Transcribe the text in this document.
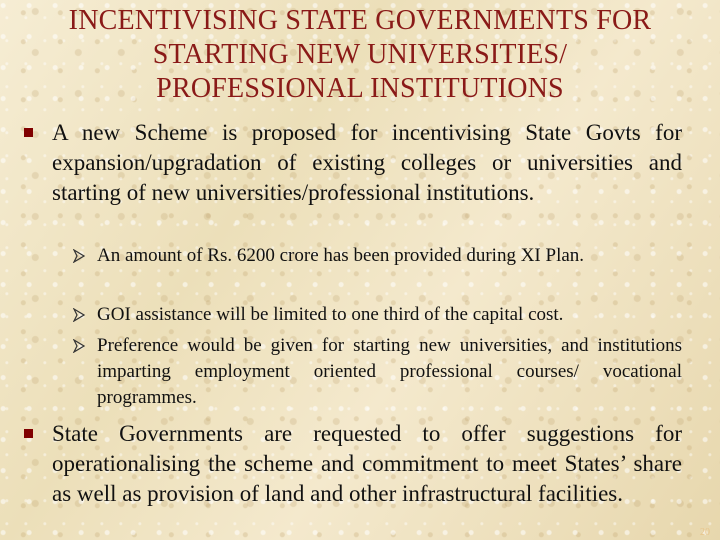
INCENTIVISING STATE GOVERNMENTS FOR
STARTING NEW UNIVERSITIES/
PROFESSIONAL INSTITUTIONS
A new Scheme is proposed for incentivising State Govts for expansion/upgradation of existing colleges or universities and starting of new universities/professional institutions.
An amount of Rs. 6200 crore has been provided during XI Plan.
GOI assistance will be limited to one third of the capital cost.
Preference would be given for starting new universities, and institutions imparting employment oriented professional courses/ vocational programmes.
State Governments are requested to offer suggestions for operationalising the scheme and commitment to meet States’ share as well as provision of land and other infrastructural facilities.
20
